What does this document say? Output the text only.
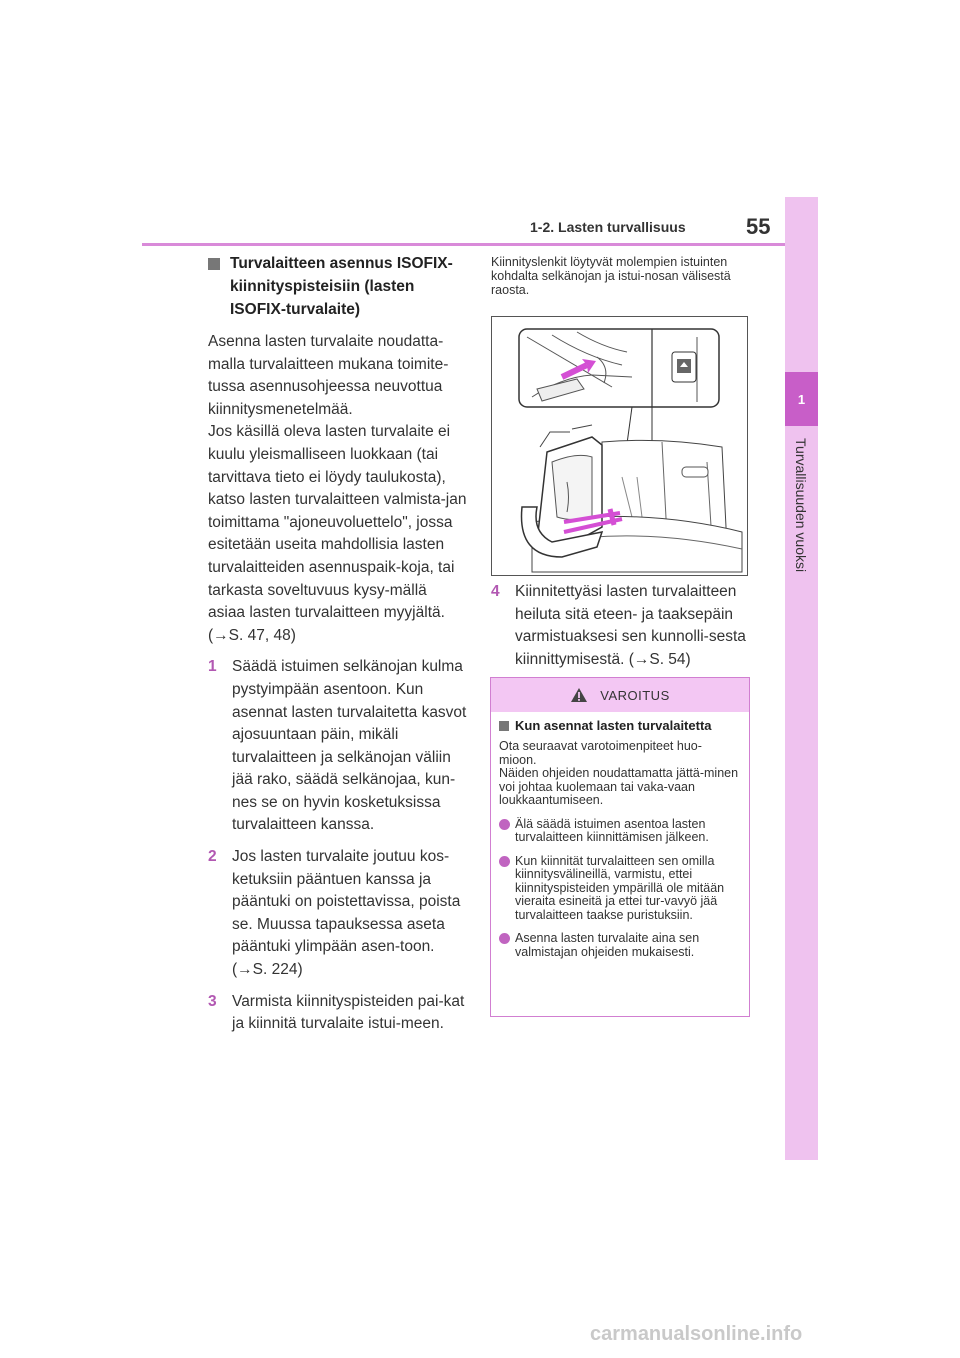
1-2. Lasten turvallisuus	55
1
Turvallisuuden vuoksi
Turvalaitteen asennus ISOFIX-kiinnityspisteisiin (lasten ISOFIX-turvalaite)
Asenna lasten turvalaite noudatta-malla turvalaitteen mukana toimite-tussa asennusohjeessa neuvottua kiinnitysmenetelmää.
Jos käsillä oleva lasten turvalaite ei kuulu yleismalliseen luokkaan (tai tarvittava tieto ei löydy taulukosta), katso lasten turvalaitteen valmista-jan toimittama "ajoneuvoluettelo", jossa esitetään useita mahdollisia lasten turvalaitteiden asennuspaik-koja, tai tarkasta soveltuvuus kysy-mällä asiaa lasten turvalaitteen myyjältä. (→S. 47, 48)
1 Säädä istuimen selkänojan kulma pystyimpään asentoon. Kun asennat lasten turvalaitetta kasvot ajosuuntaan päin, mikäli turvalaitteen ja selkänojan väliin jää rako, säädä selkänojaa, kun-nes se on hyvin kosketuksissa turvalaitteen kanssa.
2 Jos lasten turvalaite joutuu kos-ketuksiin pääntuen kanssa ja pääntuki on poistettavissa, poista se. Muussa tapauksessa aseta pääntuki ylimpään asen-toon. (→S. 224)
3 Varmista kiinnityspisteiden pai-kat ja kiinnitä turvalaite istui-meen.
Kiinnityslenkit löytyvät molempien istuinten kohdalta selkänojan ja istui-nosan välisestä raosta.
4 Kiinnitettyäsi lasten turvalaitteen heiluta sitä eteen- ja taaksepäin varmistuaksesi sen kunnolli-sesta kiinnittymisestä. (→S. 54)
VAROITUS
Kun asennat lasten turvalaitetta
Ota seuraavat varotoimenpiteet huo-mioon.
Näiden ohjeiden noudattamatta jättä-minen voi johtaa kuolemaan tai vaka-vaan loukkaantumiseen.
Älä säädä istuimen asentoa lasten turvalaitteen kiinnittämisen jälkeen.
Kun kiinnität turvalaitteen sen omilla kiinnitysvälineillä, varmistu, ettei kiinnityspisteiden ympärillä ole mitään vieraita esineitä ja ettei tur-vavyö jää turvalaitteen taakse puristuksiin.
Asenna lasten turvalaite aina sen valmistajan ohjeiden mukaisesti.
carmanualsonline.info
